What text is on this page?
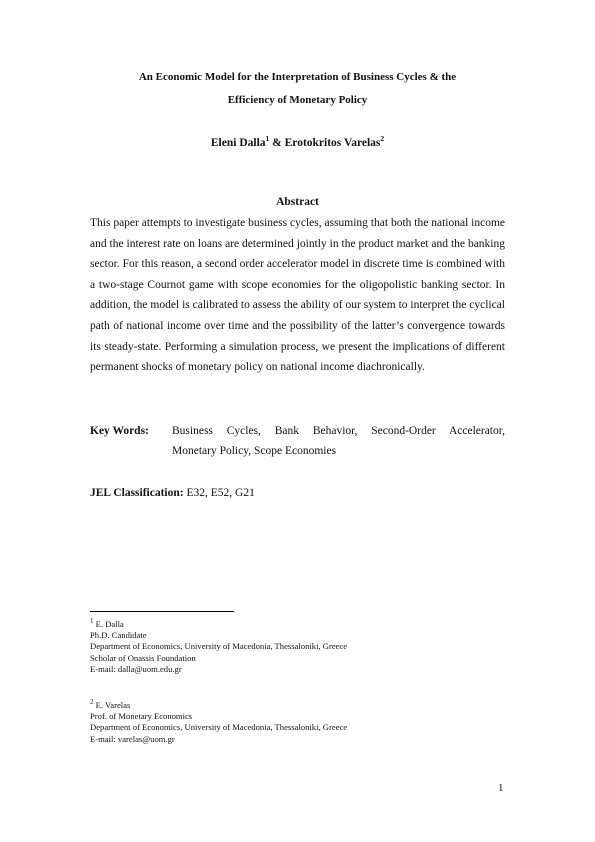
An Economic Model for the Interpretation of Business Cycles & the
Efficiency of Monetary Policy
Eleni Dalla$^1$ & Erotokritos Varelas$^2$
Abstract
This paper attempts to investigate business cycles, assuming that both the national income and the interest rate on loans are determined jointly in the product market and the banking sector. For this reason, a second order accelerator model in discrete time is combined with a two-stage Cournot game with scope economies for the oligopolistic banking sector. In addition, the model is calibrated to assess the ability of our system to interpret the cyclical path of national income over time and the possibility of the latter’s convergence towards its steady-state. Performing a simulation process, we present the implications of different permanent shocks of monetary policy on national income diachronically.
Key Words: Business Cycles, Bank Behavior, Second-Order Accelerator,
Monetary Policy, Scope Economies
JEL Classification: E32, E52, G21
$^1$ E. Dalla
Ph.D. Candidate
Department of Economics, University of Macedonia, Thessaloniki, Greece
Scholar of Onassis Foundation
E-mail: dalla@uom.edu.gr
$^2$ E. Varelas
Prof. of Monetary Economics
Department of Economics, University of Macedonia, Thessaloniki, Greece
E-mail: varelas@uom.gr
1
